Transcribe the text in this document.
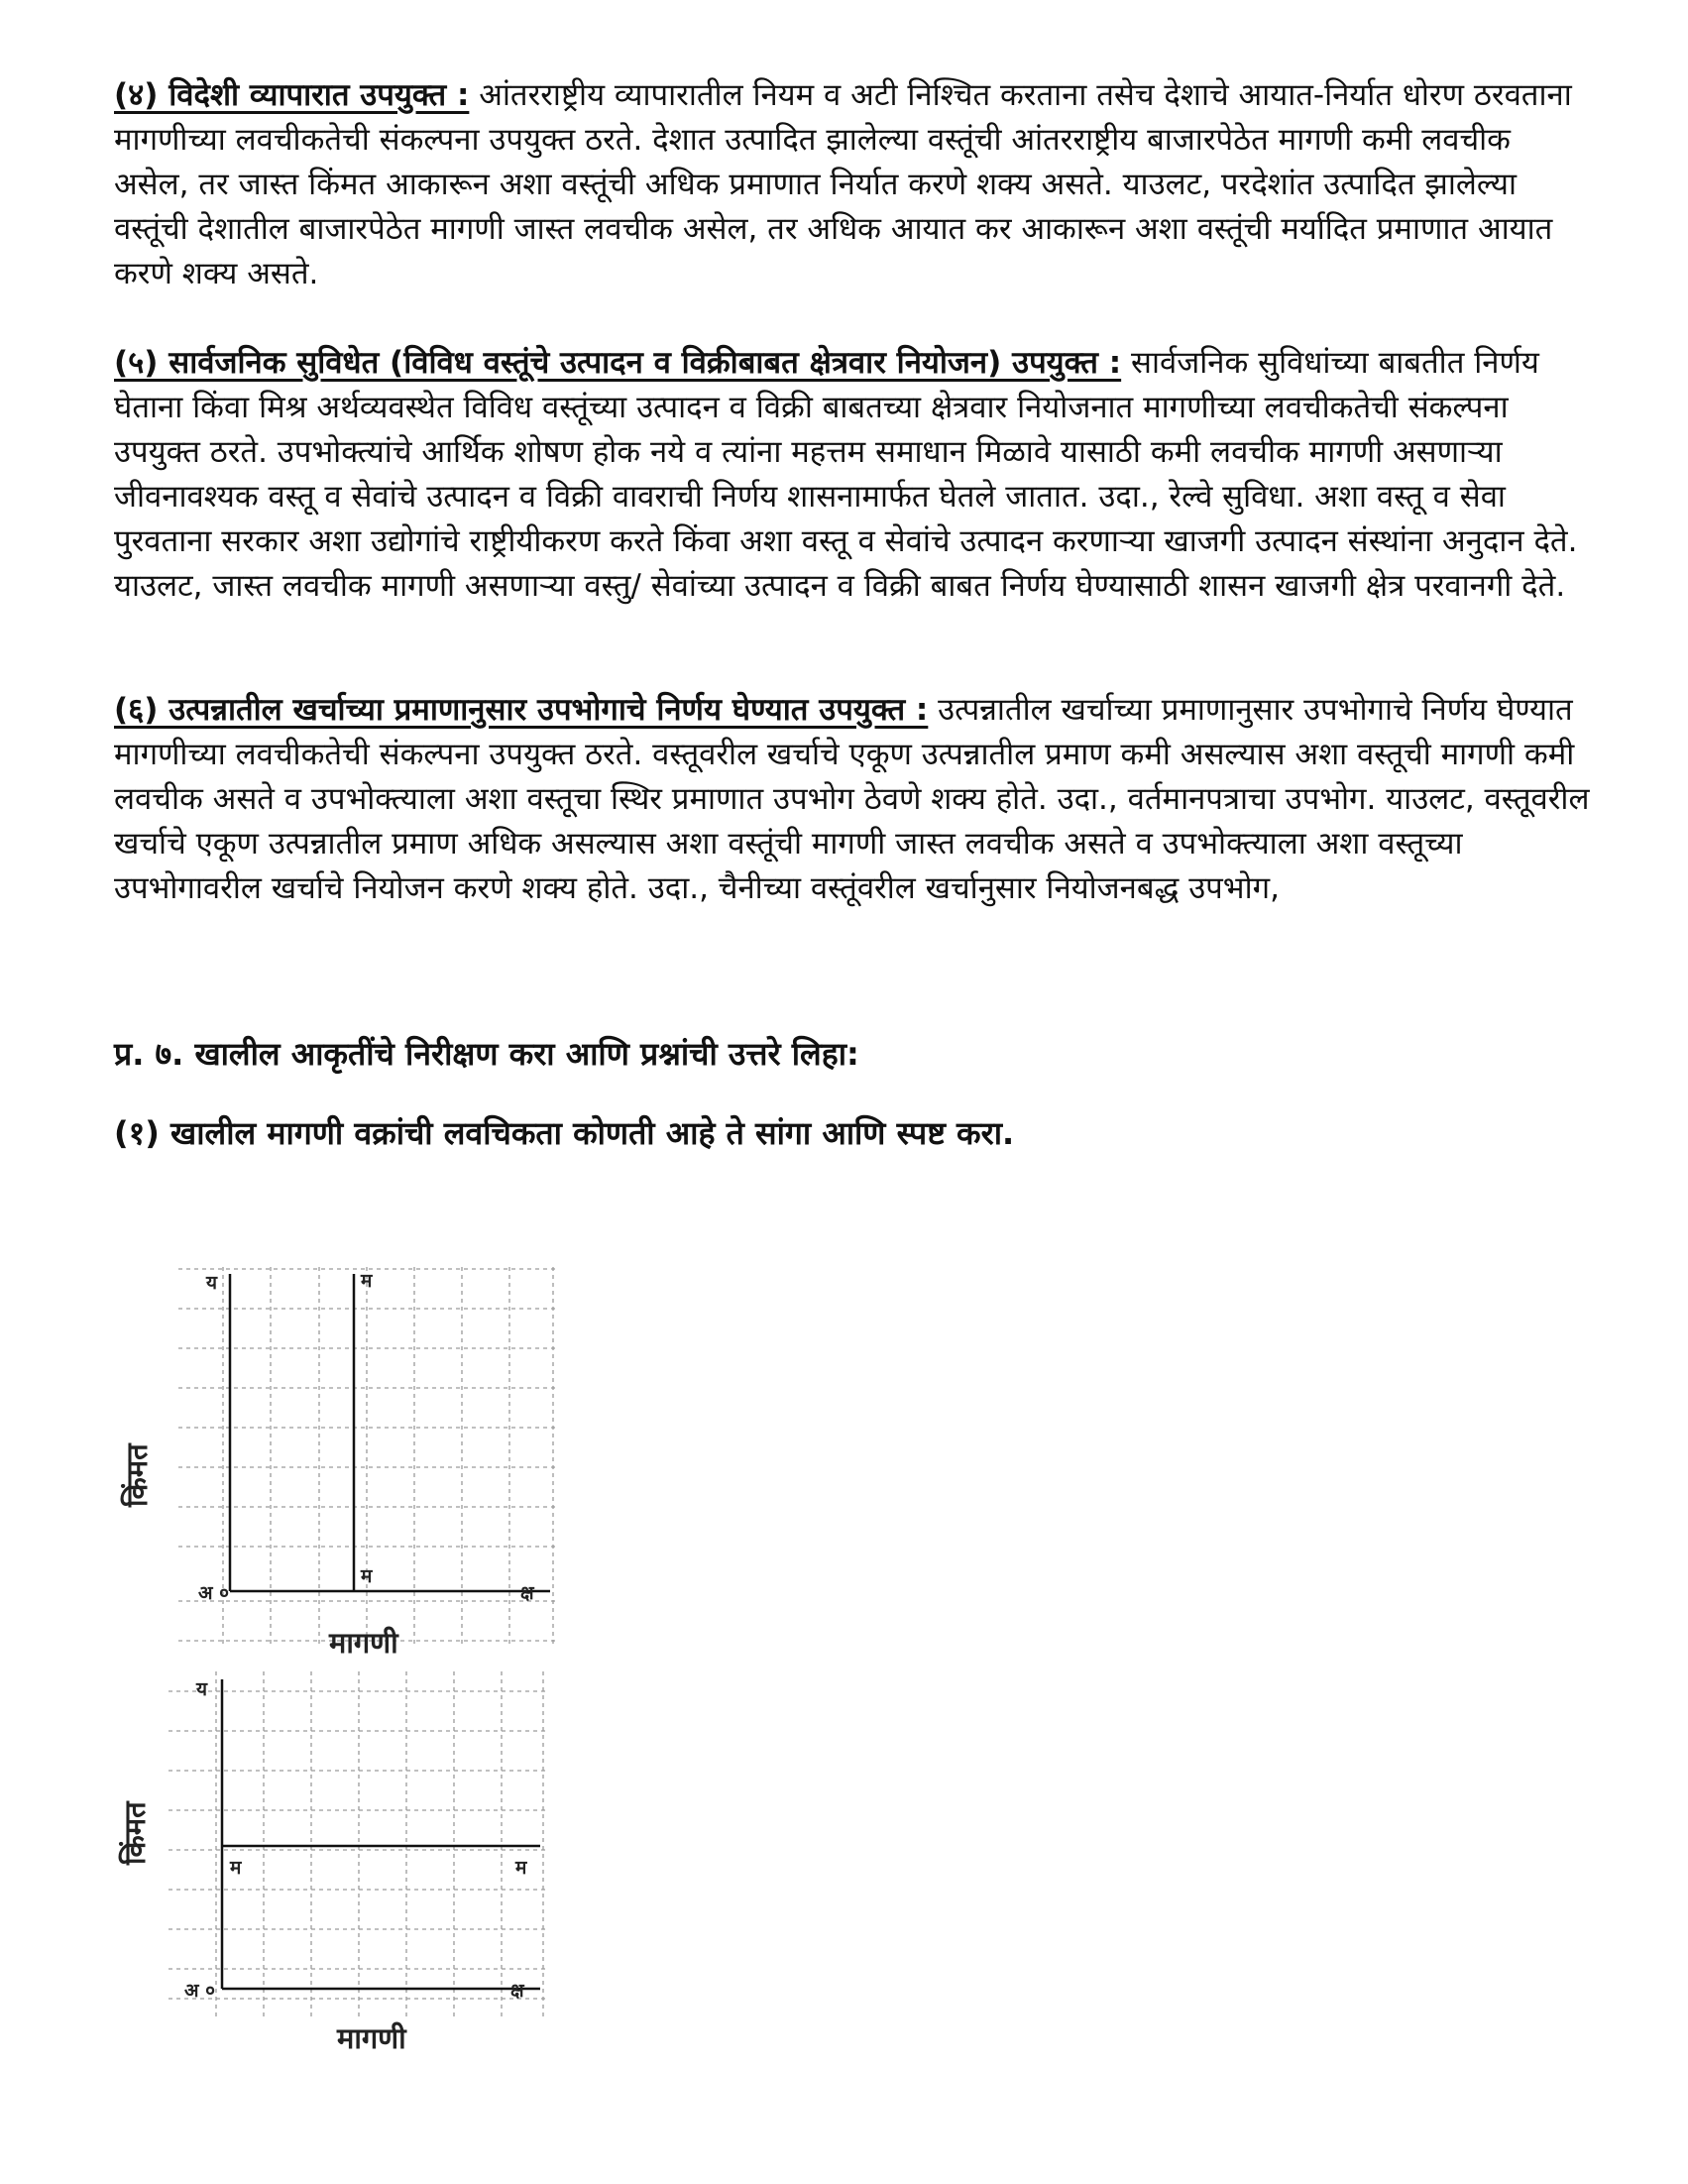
(४) विदेशी व्यापारात उपयुक्त : आंतरराष्ट्रीय व्यापारातील नियम व अटी निश्चित करताना तसेच देशाचे आयात-निर्यात धोरण ठरवताना मागणीच्या लवचीकतेची संकल्पना उपयुक्त ठरते. देशात उत्पादित झालेल्या वस्तूंची आंतरराष्ट्रीय बाजारपेठेत मागणी कमी लवचीक असेल, तर जास्त किंमत आकारून अशा वस्तूंची अधिक प्रमाणात निर्यात करणे शक्य असते. याउलट, परदेशांत उत्पादित झालेल्या वस्तूंची देशातील बाजारपेठेत मागणी जास्त लवचीक असेल, तर अधिक आयात कर आकारून अशा वस्तूंची मर्यादित प्रमाणात आयात करणे शक्य असते.

(५) सार्वजनिक सुविधेत (विविध वस्तूंचे उत्पादन व विक्रीबाबत क्षेत्रवार नियोजन) उपयुक्त : सार्वजनिक सुविधांच्या बाबतीत निर्णय घेताना किंवा मिश्र अर्थव्यवस्थेत विविध वस्तूंच्या उत्पादन व विक्री बाबतच्या क्षेत्रवार नियोजनात मागणीच्या लवचीकतेची संकल्पना उपयुक्त ठरते. उपभोक्त्यांचे आर्थिक शोषण होक नये व त्यांना महत्तम समाधान मिळावे यासाठी कमी लवचीक मागणी असणाऱ्या जीवनावश्यक वस्तू व सेवांचे उत्पादन व विक्री वावराची निर्णय शासनामार्फत घेतले जातात. उदा., रेल्वे सुविधा. अशा वस्तू व सेवा पुरवताना सरकार अशा उद्योगांचे राष्ट्रीयीकरण करते किंवा अशा वस्तू व सेवांचे उत्पादन करणाऱ्या खाजगी उत्पादन संस्थांना अनुदान देते. याउलट, जास्त लवचीक मागणी असणाऱ्या वस्तु/ सेवांच्या उत्पादन व विक्री बाबत निर्णय घेण्यासाठी शासन खाजगी क्षेत्र परवानगी देते.

(६) उत्पन्नातील खर्चाच्या प्रमाणानुसार उपभोगाचे निर्णय घेण्यात उपयुक्त : उत्पन्नातील खर्चाच्या प्रमाणानुसार उपभोगाचे निर्णय घेण्यात मागणीच्या लवचीकतेची संकल्पना उपयुक्त ठरते. वस्तूवरील खर्चाचे एकूण उत्पन्नातील प्रमाण कमी असल्यास अशा वस्तूची मागणी कमी लवचीक असते व उपभोक्त्याला अशा वस्तूचा स्थिर प्रमाणात उपभोग ठेवणे शक्य होते. उदा., वर्तमानपत्राचा उपभोग. याउलट, वस्तूवरील खर्चाचे एकूण उत्पन्नातील प्रमाण अधिक असल्यास अशा वस्तूंची मागणी जास्त लवचीक असते व उपभोक्त्याला अशा वस्तूच्या उपभोगावरील खर्चाचे नियोजन करणे शक्य होते. उदा., चैनीच्या वस्तूंवरील खर्चानुसार नियोजनबद्ध उपभोग,

प्र. ७. खालील आकृतींचे निरीक्षण करा आणि प्रश्नांची उत्तरे लिहा:
(१) खालील मागणी वक्रांची लवचिकता कोणती आहे ते सांगा आणि स्पष्ट करा.
य	म
म
अ ०	क्ष
किंमत
मागणी
य
म	म
अ ०	क्ष
किंमत
मागणी
